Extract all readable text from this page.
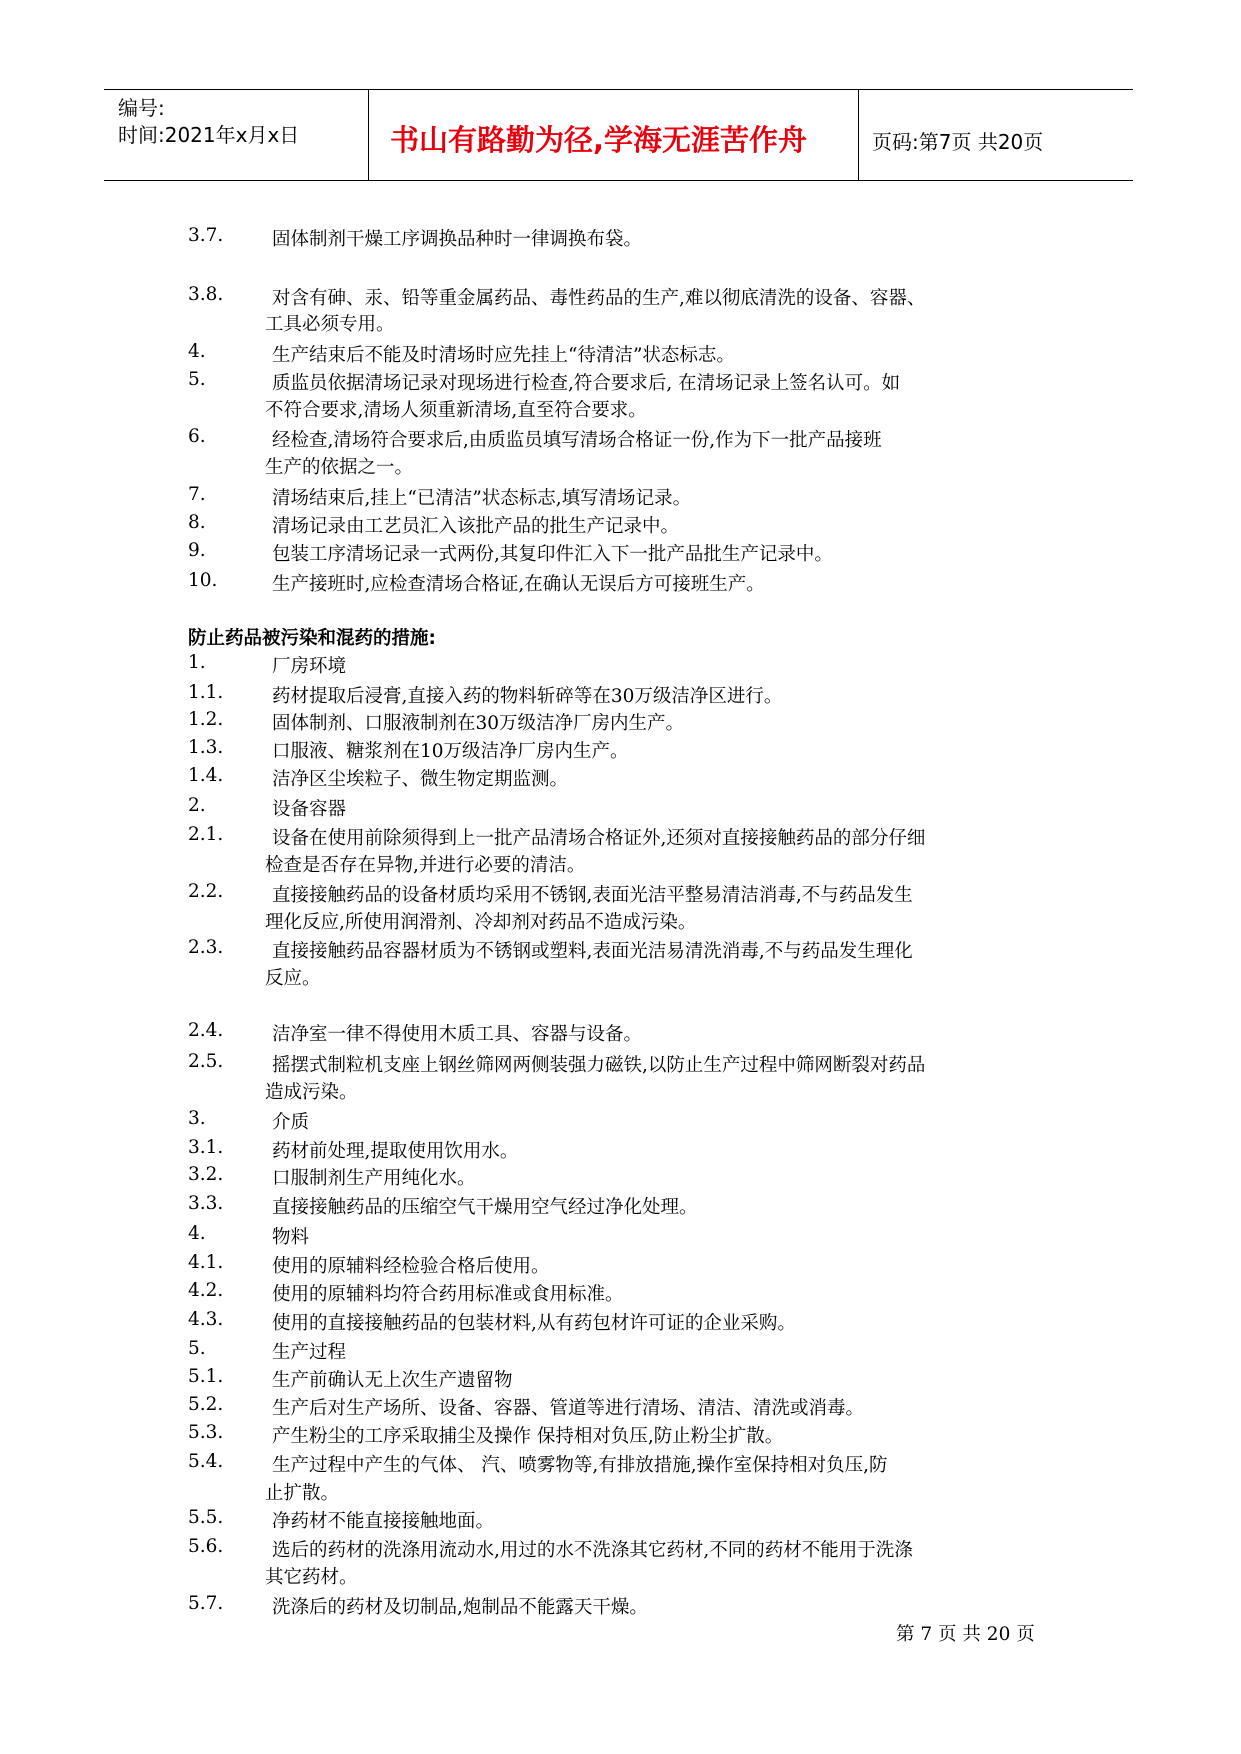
编号:
时间:2021年x月x日	书山有路勤为径,学海无涯苦作舟	页码:第7页 共20页
3.7.	固体制剂干燥工序调换品种时一律调换布袋。
3.8.	对含有砷、汞、铅等重金属药品、毒性药品的生产,难以彻底清洗的设备、容器、
工具必须专用。
4.	生产结束后不能及时清场时应先挂上“待清洁”状态标志。
5.	质监员依据清场记录对现场进行检查,符合要求后, 在清场记录上签名认可。如
不符合要求,清场人须重新清场,直至符合要求。
6.	经检查,清场符合要求后,由质监员填写清场合格证一份,作为下一批产品接班
生产的依据之一。
7.	清场结束后,挂上“已清洁”状态标志,填写清场记录。
8.	清场记录由工艺员汇入该批产品的批生产记录中。
9.	包装工序清场记录一式两份,其复印件汇入下一批产品批生产记录中。
10.	生产接班时,应检查清场合格证,在确认无误后方可接班生产。
防止药品被污染和混药的措施:
1.	厂房环境
1.1.	药材提取后浸膏,直接入药的物料斩碎等在30万级洁净区进行。
1.2.	固体制剂、口服液制剂在30万级洁净厂房内生产。
1.3.	口服液、糖浆剂在10万级洁净厂房内生产。
1.4.	洁净区尘埃粒子、微生物定期监测。
2.	设备容器
2.1.	设备在使用前除须得到上一批产品清场合格证外,还须对直接接触药品的部分仔细
检查是否存在异物,并进行必要的清洁。
2.2.	直接接触药品的设备材质均采用不锈钢,表面光洁平整易清洁消毒,不与药品发生
理化反应,所使用润滑剂、冷却剂对药品不造成污染。
2.3.	直接接触药品容器材质为不锈钢或塑料,表面光洁易清洗消毒,不与药品发生理化
反应。
2.4.	洁净室一律不得使用木质工具、容器与设备。
2.5.	摇摆式制粒机支座上钢丝筛网两侧装强力磁铁,以防止生产过程中筛网断裂对药品
造成污染。
3.	介质
3.1.	药材前处理,提取使用饮用水。
3.2.	口服制剂生产用纯化水。
3.3.	直接接触药品的压缩空气干燥用空气经过净化处理。
4.	物料
4.1.	使用的原辅料经检验合格后使用。
4.2.	使用的原辅料均符合药用标准或食用标准。
4.3.	使用的直接接触药品的包装材料,从有药包材许可证的企业采购。
5.	生产过程
5.1.	生产前确认无上次生产遗留物
5.2.	生产后对生产场所、设备、容器、管道等进行清场、清洁、清洗或消毒。
5.3.	产生粉尘的工序采取捕尘及操作 保持相对负压,防止粉尘扩散。
5.4.	生产过程中产生的气体、 汽、喷雾物等,有排放措施,操作室保持相对负压,防
止扩散。
5.5.	净药材不能直接接触地面。
5.6.	选后的药材的洗涤用流动水,用过的水不洗涤其它药材,不同的药材不能用于洗涤
其它药材。
5.7.	洗涤后的药材及切制品,炮制品不能露天干燥。
第 7 页 共 20 页
